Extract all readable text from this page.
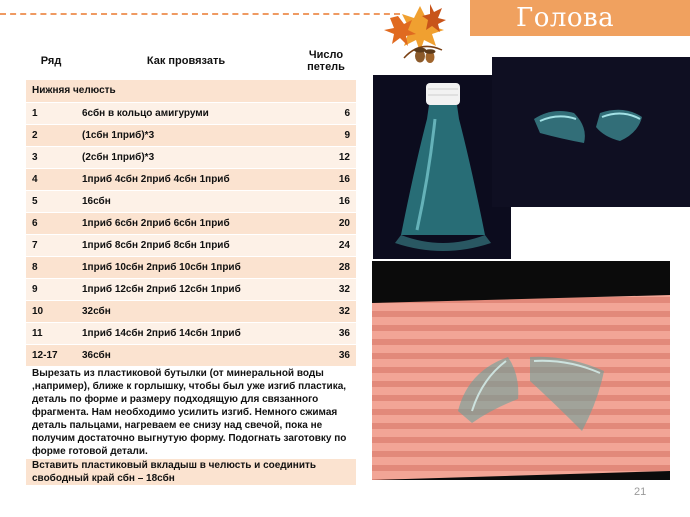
Голова
Ряд	Как провязать	Число петель
Нижняя челюсть		
1	6сбн в кольцо амигуруми	6
2	(1сбн 1приб)*3	9
3	(2сбн 1приб)*3	12
4	1приб 4сбн 2приб 4сбн 1приб	16
5	16сбн	16
6	1приб 6сбн 2приб 6сбн 1приб	20
7	1приб 8сбн 2приб 8сбн 1приб	24
8	1приб 10сбн 2приб 10сбн 1приб	28
9	1приб 12сбн 2приб 12сбн 1приб	32
10	32сбн	32
11	1приб 14сбн 2приб 14сбн 1приб	36
12-17	36сбн	36
Вырезать из пластиковой бутылки (от минеральной воды ,например), ближе к горлышку, чтобы был уже изгиб пластика, деталь по форме и размеру подходящую для связанного фрагмента. Нам необходимо усилить изгиб. Немного сжимая деталь пальцами, нагреваем ее снизу над свечой, пока не получим достаточно выгнутую форму. Подогнать заготовку по форме готовой детали.		
Вставить пластиковый вкладыш в челюсть и соединить свободный край сбн – 18сбн		
21
